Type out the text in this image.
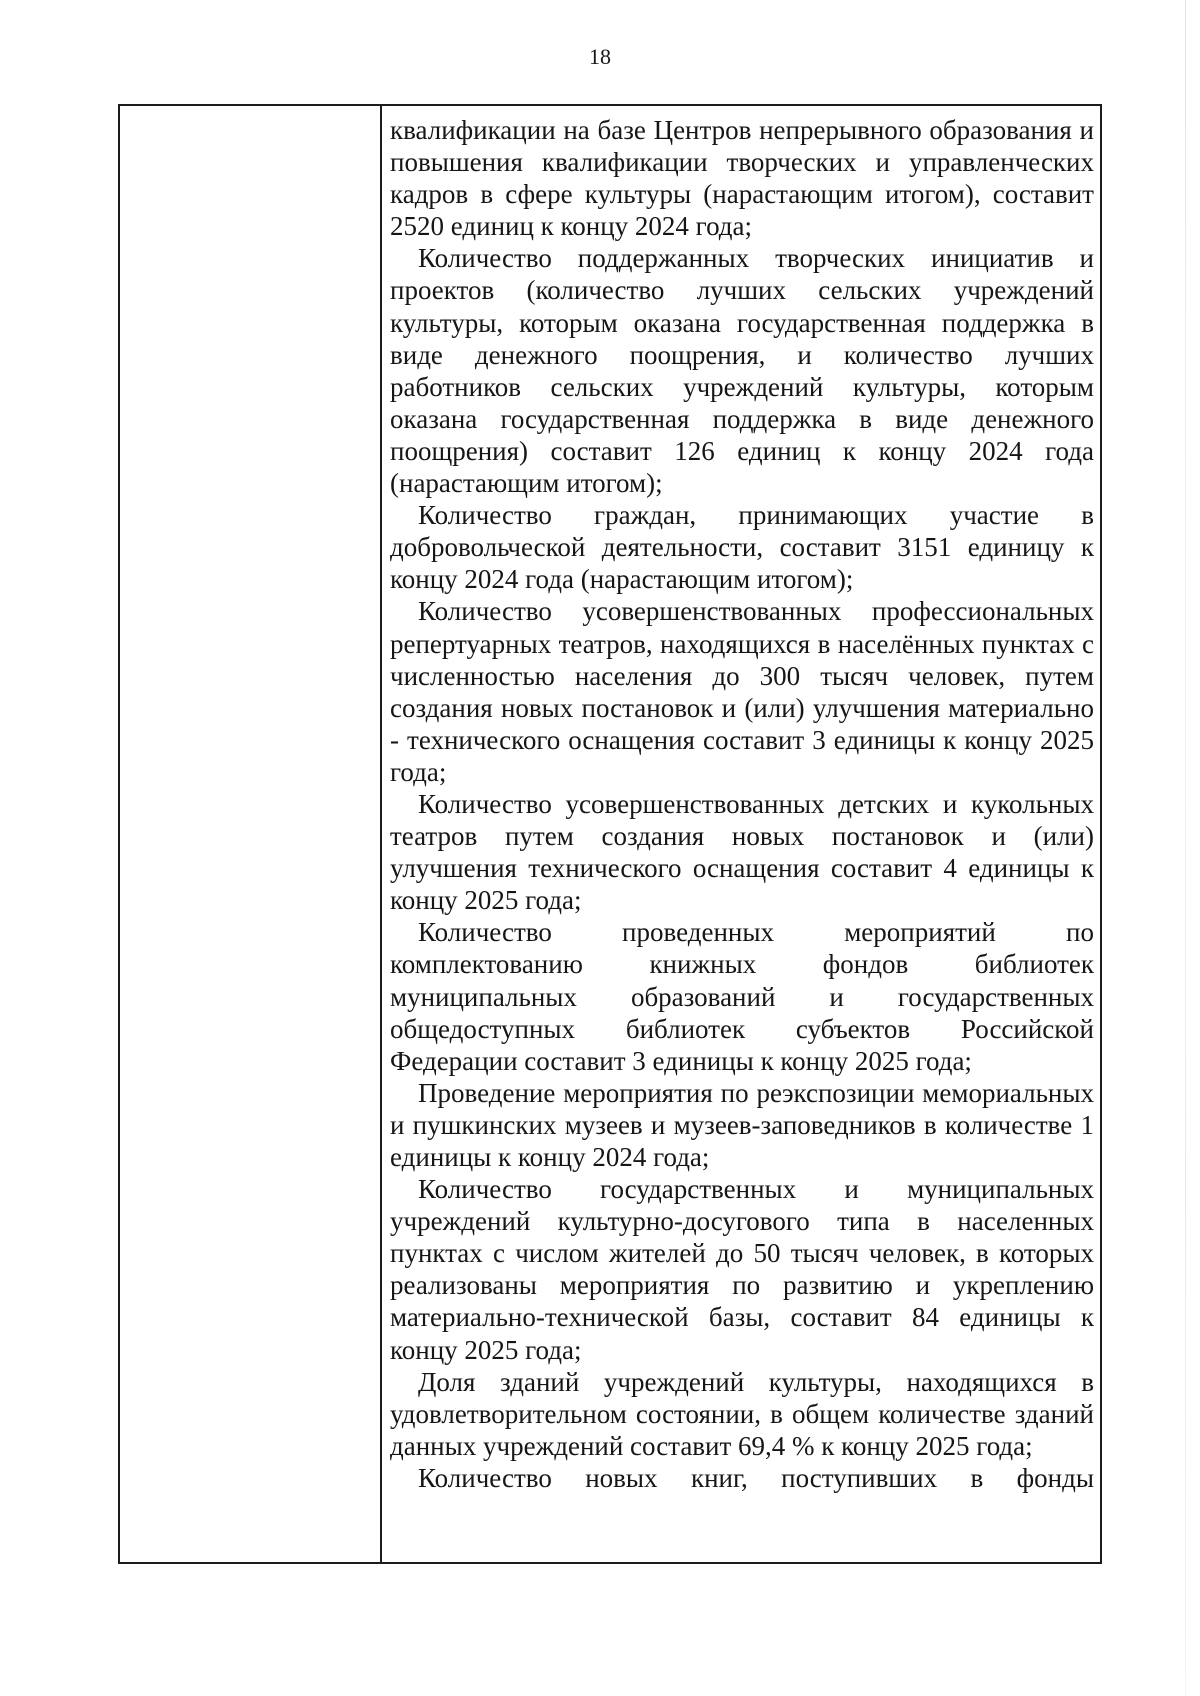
18

квалификации на базе Центров непрерывного образования и повышения квалификации творческих и управленческих кадров в сфере культуры (нарастающим итогом), составит 2520 единиц к концу 2024 года;

Количество поддержанных творческих инициатив и проектов (количество лучших сельских учреждений культуры, которым оказана государственная поддержка в виде денежного поощрения, и количество лучших работников сельских учреждений культуры, которым оказана государственная поддержка в виде денежного поощрения) составит 126 единиц к концу 2024 года (нарастающим итогом);

Количество граждан, принимающих участие в добровольческой деятельности, составит 3151 единицу к концу 2024 года (нарастающим итогом);

Количество усовершенствованных профессиональных репертуарных театров, находящихся в населённых пунктах с численностью населения до 300 тысяч человек, путем создания новых постановок и (или) улучшения материально - технического оснащения составит 3 единицы к концу 2025 года;

Количество усовершенствованных детских и кукольных театров путем создания новых постановок и (или) улучшения технического оснащения составит 4 единицы к концу 2025 года;

Количество проведенных мероприятий по комплектованию книжных фондов библиотек муниципальных образований и государственных общедоступных библиотек субъектов Российской Федерации составит 3 единицы к концу 2025 года;

Проведение мероприятия по реэкспозиции мемориальных и пушкинских музеев и музеев-заповедников в количестве 1 единицы к концу 2024 года;

Количество государственных и муниципальных учреждений культурно-досугового типа в населенных пунктах с числом жителей до 50 тысяч человек, в которых реализованы мероприятия по развитию и укреплению материально-технической базы, составит 84 единицы к концу 2025 года;

Доля зданий учреждений культуры, находящихся в удовлетворительном состоянии, в общем количестве зданий данных учреждений составит 69,4 % к концу 2025 года;

Количество новых книг, поступивших в фонды
